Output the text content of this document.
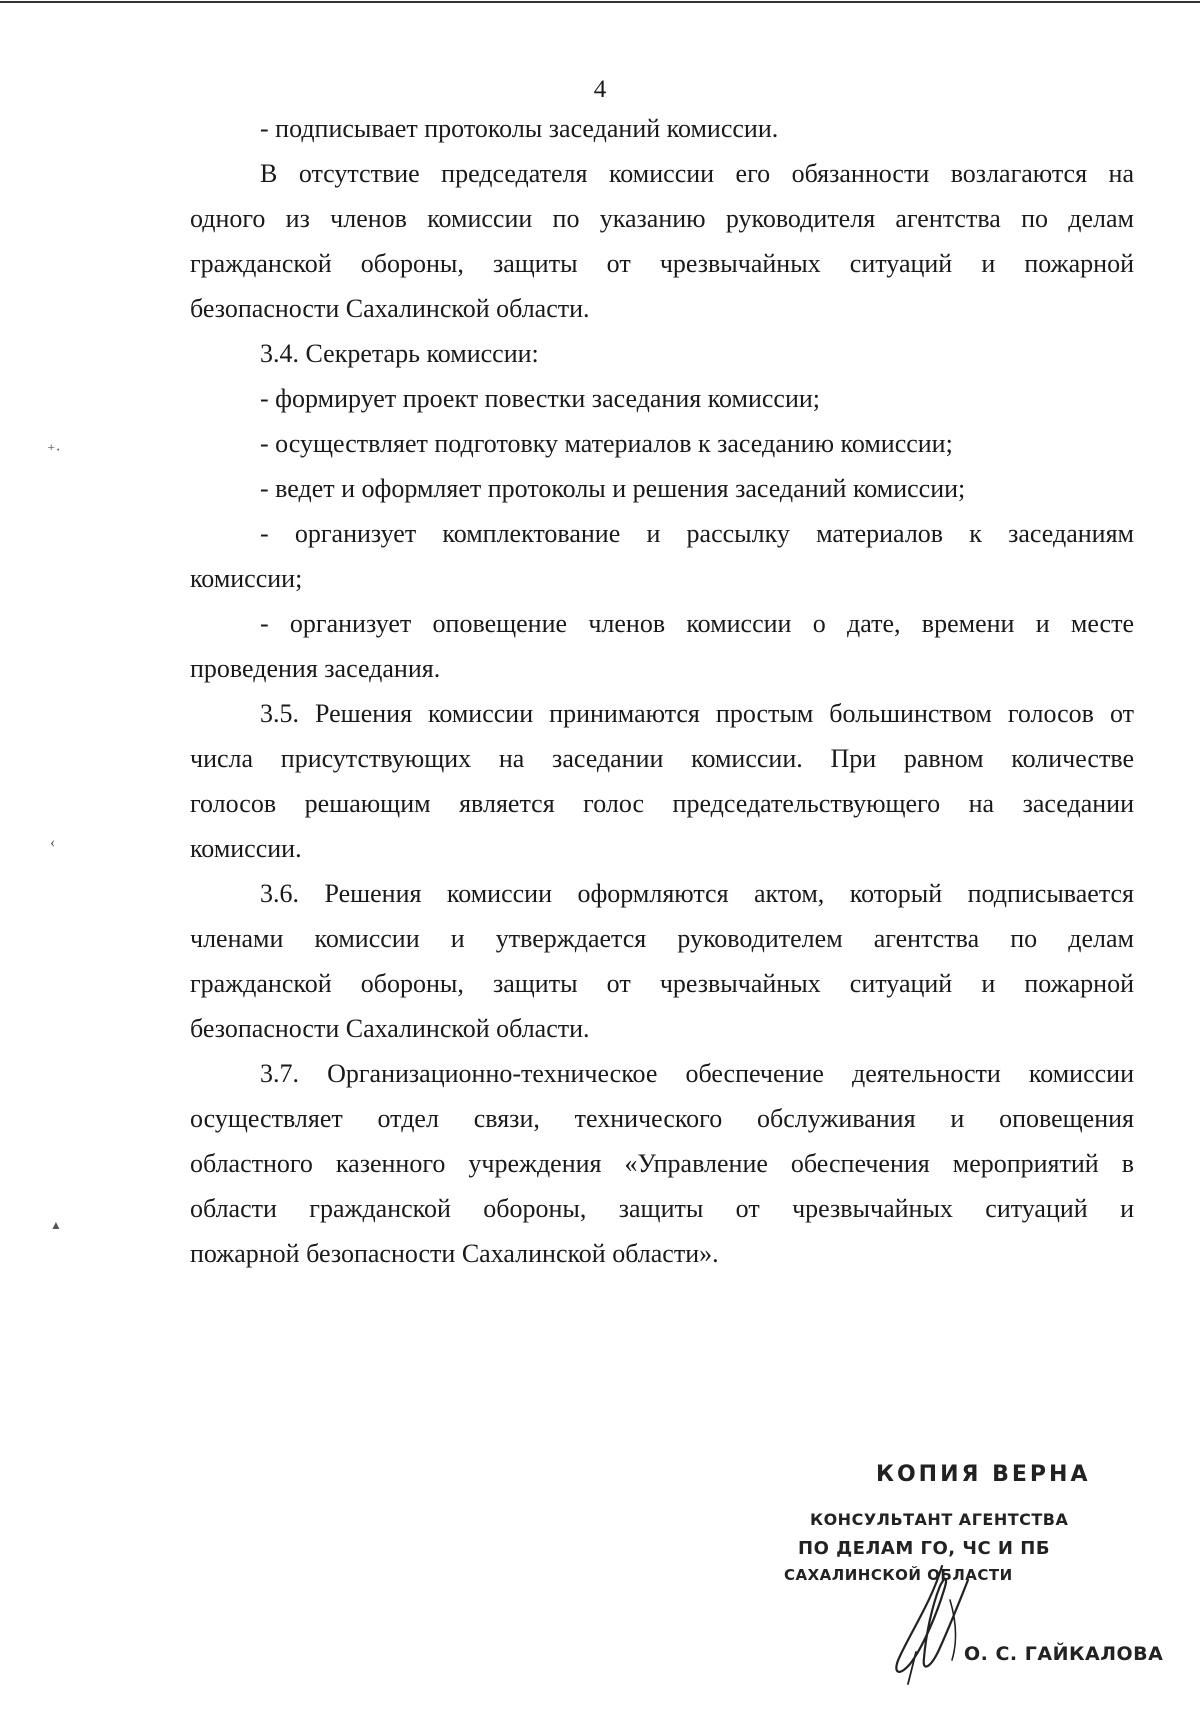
4
- подписывает протоколы заседаний комиссии.
В отсутствие председателя комиссии его обязанности возлагаются на
одного из членов комиссии по указанию руководителя агентства по делам
гражданской обороны, защиты от чрезвычайных ситуаций и пожарной
безопасности Сахалинской области.
3.4. Секретарь комиссии:
- формирует проект повестки заседания комиссии;
- осуществляет подготовку материалов к заседанию комиссии;
- ведет и оформляет протоколы и решения заседаний комиссии;
- организует комплектование и рассылку материалов к заседаниям
комиссии;
- организует оповещение членов комиссии о дате, времени и месте
проведения заседания.
3.5. Решения комиссии принимаются простым большинством голосов от
числа присутствующих на заседании комиссии. При равном количестве
голосов решающим является голос председательствующего на заседании
комиссии.
3.6. Решения комиссии оформляются актом, который подписывается
членами комиссии и утверждается руководителем агентства по делам
гражданской обороны, защиты от чрезвычайных ситуаций и пожарной
безопасности Сахалинской области.
3.7. Организационно-техническое обеспечение деятельности комиссии
осуществляет отдел связи, технического обслуживания и оповещения
областного казенного учреждения «Управление обеспечения мероприятий в
области гражданской обороны, защиты от чрезвычайных ситуаций и
пожарной безопасности Сахалинской области».
⁺·
‹
▲
КОПИЯ ВЕРНА
КОНСУЛЬТАНТ АГЕНТСТВА
ПО ДЕЛАМ ГО, ЧС И ПБ
САХАЛИНСКОЙ ОБЛАСТИ
О. С. ГАЙКАЛОВА
